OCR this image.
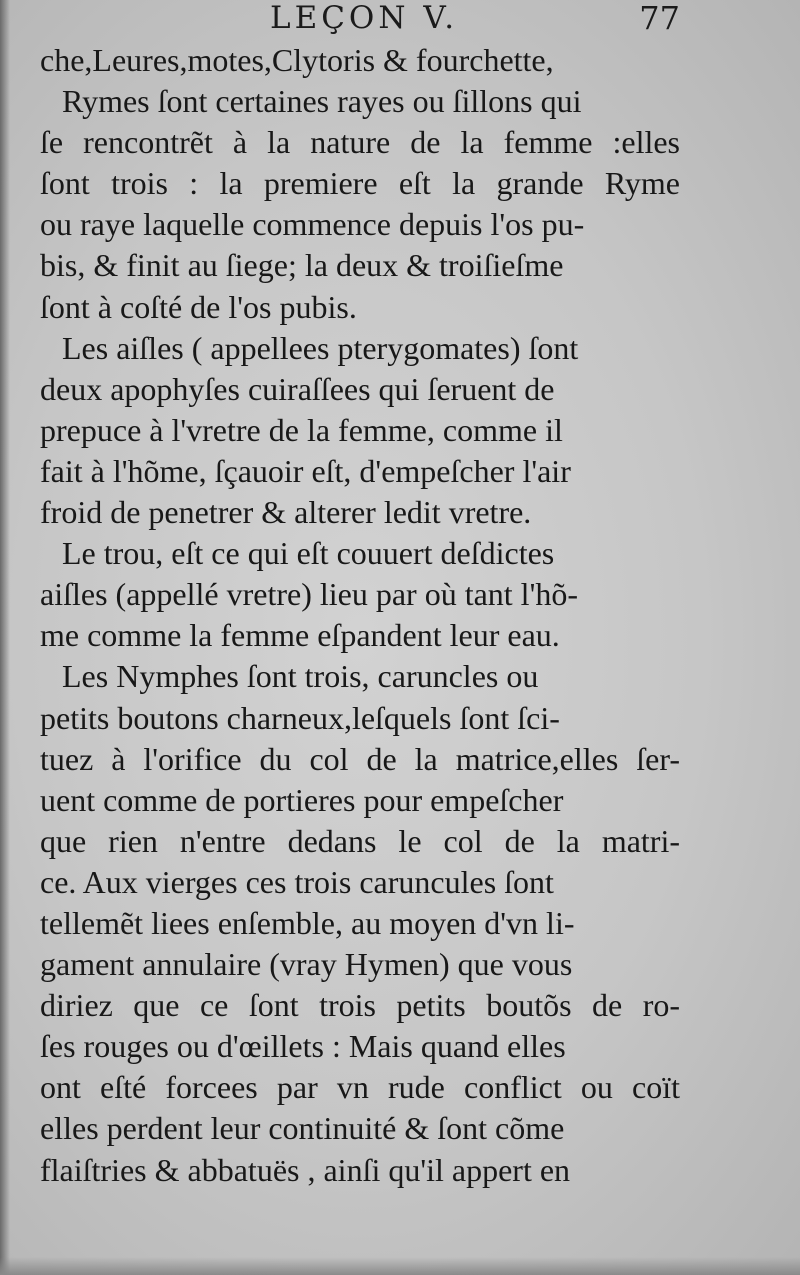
LEÇON V.	77
che,Leures,motes,Clytoris & fourchette,
Rymes ſont certaines rayes ou ſillons qui
ſe rencontrẽt à la nature de la femme :elles
ſont trois : la premiere eſt la grande Ryme
ou raye laquelle commence depuis l'os pu-
bis, & finit au ſiege; la deux & troiſieſme
ſont à coſté de l'os pubis.
Les aiſles ( appellees pterygomates) ſont
deux apophyſes cuiraſſees qui ſeruent de
prepuce à l'vretre de la femme, comme il
fait à l'hõme, ſçauoir eſt, d'empeſcher l'air
froid de penetrer & alterer ledit vretre.
Le trou, eſt ce qui eſt couuert deſdictes
aiſles (appellé vretre) lieu par où tant l'hõ-
me comme la femme eſpandent leur eau.
Les Nymphes ſont trois, caruncles ou
petits boutons charneux,leſquels ſont ſci-
tuez à l'orifice du col de la matrice,elles ſer-
uent comme de portieres pour empeſcher
que rien n'entre dedans le col de la matri-
ce. Aux vierges ces trois caruncules ſont
tellemẽt liees enſemble, au moyen d'vn li-
gament annulaire (vray Hymen) que vous
diriez que ce ſont trois petits boutõs de ro-
ſes rouges ou d'œillets : Mais quand elles
ont eſté forcees par vn rude conflict ou coït
elles perdent leur continuité & ſont cõme
flaiſtries & abbatuës , ainſi qu'il appert en
